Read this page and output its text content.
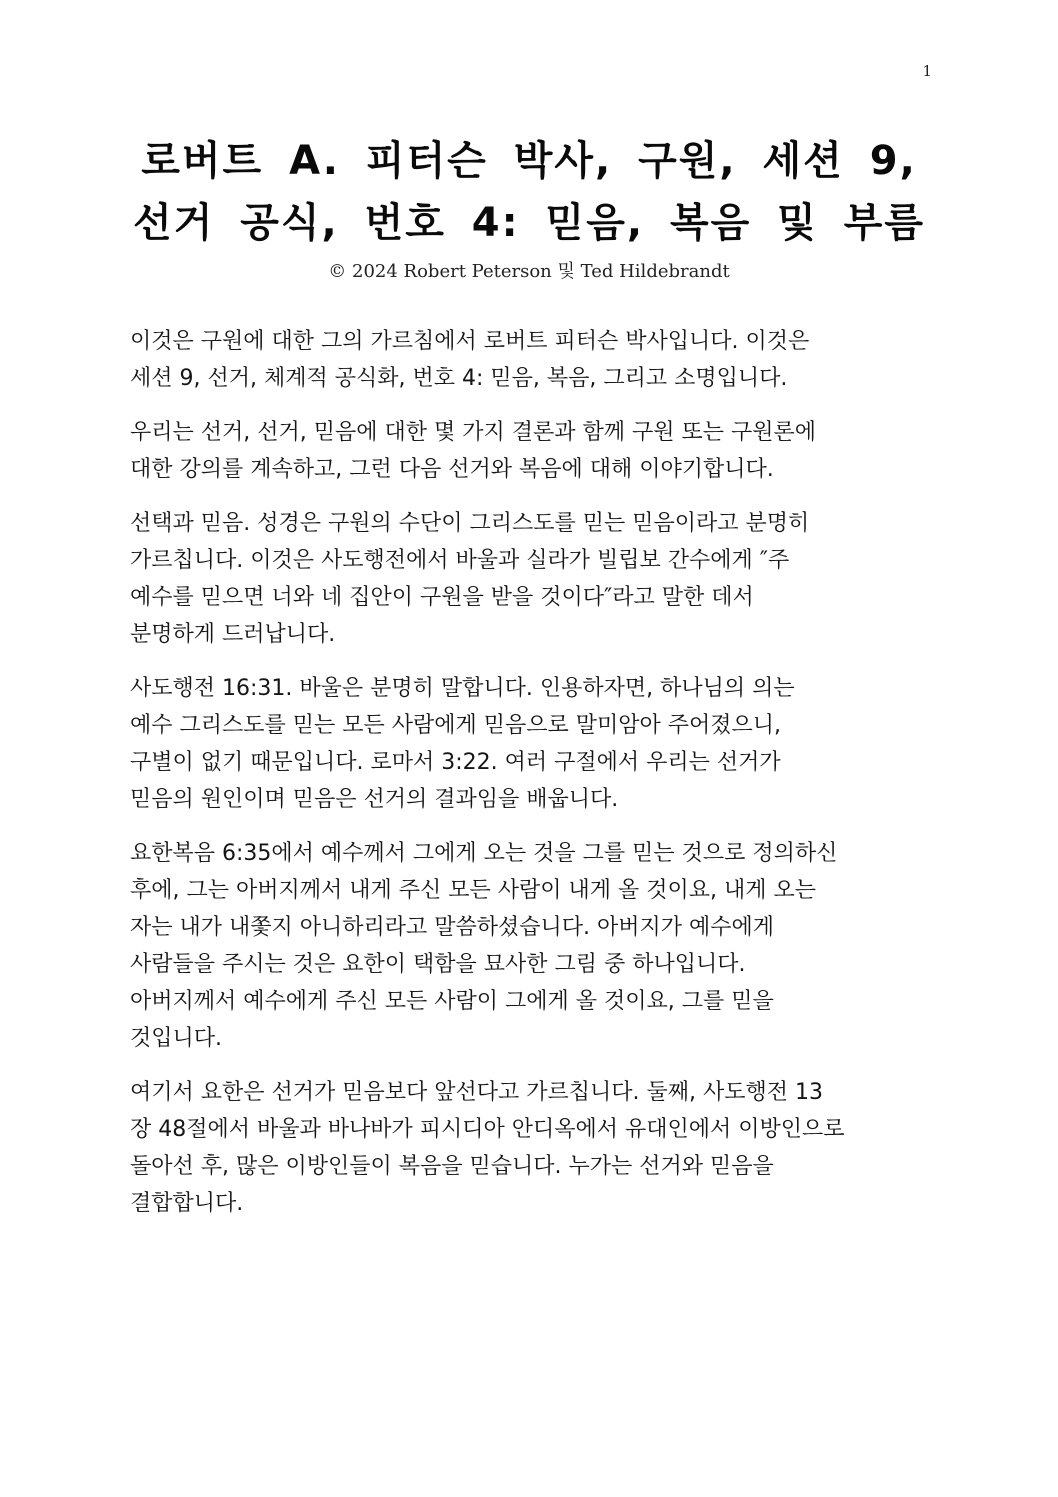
1
로버트 A. 피터슨 박사, 구원, 세션 9,
선거 공식, 번호 4: 믿음, 복음 및 부름
© 2024 Robert Peterson 및 Ted Hildebrandt

이것은 구원에 대한 그의 가르침에서 로버트 피터슨 박사입니다. 이것은
세션 9, 선거, 체계적 공식화, 번호 4: 믿음, 복음, 그리고 소명입니다.

우리는 선거, 선거, 믿음에 대한 몇 가지 결론과 함께 구원 또는 구원론에
대한 강의를 계속하고, 그런 다음 선거와 복음에 대해 이야기합니다.

선택과 믿음. 성경은 구원의 수단이 그리스도를 믿는 믿음이라고 분명히
가르칩니다. 이것은 사도행전에서 바울과 실라가 빌립보 간수에게 ″주
예수를 믿으면 너와 네 집안이 구원을 받을 것이다″라고 말한 데서
분명하게 드러납니다.

사도행전 16:31. 바울은 분명히 말합니다. 인용하자면, 하나님의 의는
예수 그리스도를 믿는 모든 사람에게 믿음으로 말미암아 주어졌으니,
구별이 없기 때문입니다. 로마서 3:22. 여러 구절에서 우리는 선거가
믿음의 원인이며 믿음은 선거의 결과임을 배웁니다.

요한복음 6:35에서 예수께서 그에게 오는 것을 그를 믿는 것으로 정의하신
후에, 그는 아버지께서 내게 주신 모든 사람이 내게 올 것이요, 내게 오는
자는 내가 내쫓지 아니하리라고 말씀하셨습니다. 아버지가 예수에게
사람들을 주시는 것은 요한이 택함을 묘사한 그림 중 하나입니다.
아버지께서 예수에게 주신 모든 사람이 그에게 올 것이요, 그를 믿을
것입니다.

여기서 요한은 선거가 믿음보다 앞선다고 가르칩니다. 둘째, 사도행전 13
장 48절에서 바울과 바나바가 피시디아 안디옥에서 유대인에서 이방인으로
돌아선 후, 많은 이방인들이 복음을 믿습니다. 누가는 선거와 믿음을
결합합니다.
